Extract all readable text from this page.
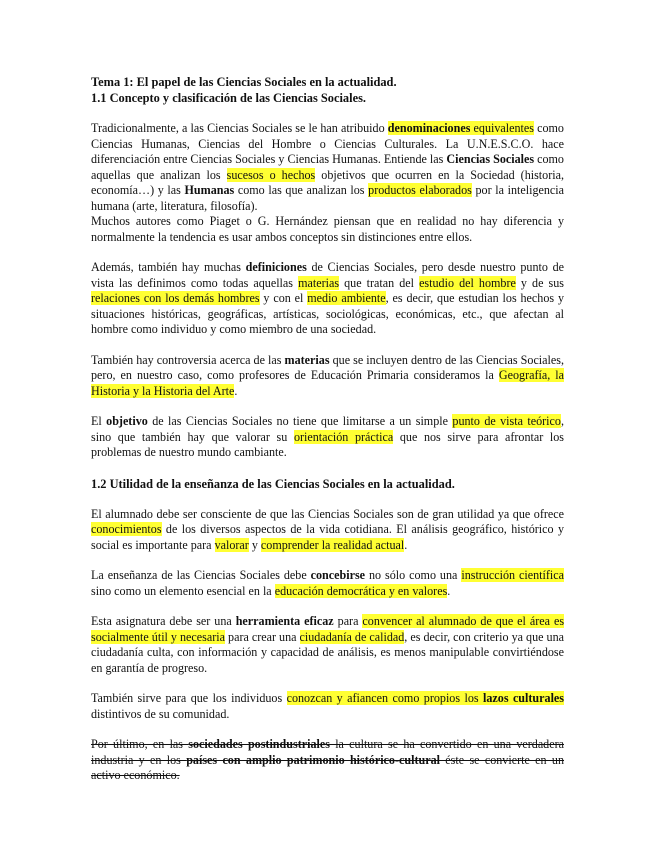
Tema 1: El papel de las Ciencias Sociales en la actualidad.
1.1 Concepto y clasificación de las Ciencias Sociales.

Tradicionalmente, a las Ciencias Sociales se le han atribuido denominaciones equivalentes como Ciencias Humanas, Ciencias del Hombre o Ciencias Culturales. La U.N.E.S.C.O. hace diferenciación entre Ciencias Sociales y Ciencias Humanas. Entiende las Ciencias Sociales como aquellas que analizan los sucesos o hechos objetivos que ocurren en la Sociedad (historia, economía…) y las Humanas como las que analizan los productos elaborados por la inteligencia humana (arte, literatura, filosofía).

Muchos autores como Piaget o G. Hernández piensan que en realidad no hay diferencia y normalmente la tendencia es usar ambos conceptos sin distinciones entre ellos.

Además, también hay muchas definiciones de Ciencias Sociales, pero desde nuestro punto de vista las definimos como todas aquellas materias que tratan del estudio del hombre y de sus relaciones con los demás hombres y con el medio ambiente, es decir, que estudian los hechos y situaciones históricas, geográficas, artísticas, sociológicas, económicas, etc., que afectan al hombre como individuo y como miembro de una sociedad.

También hay controversia acerca de las materias que se incluyen dentro de las Ciencias Sociales, pero, en nuestro caso, como profesores de Educación Primaria consideramos la Geografía, la Historia y la Historia del Arte.

El objetivo de las Ciencias Sociales no tiene que limitarse a un simple punto de vista teórico, sino que también hay que valorar su orientación práctica que nos sirve para afrontar los problemas de nuestro mundo cambiante.

1.2 Utilidad de la enseñanza de las Ciencias Sociales en la actualidad.

El alumnado debe ser consciente de que las Ciencias Sociales son de gran utilidad ya que ofrece conocimientos de los diversos aspectos de la vida cotidiana. El análisis geográfico, histórico y social es importante para valorar y comprender la realidad actual.

La enseñanza de las Ciencias Sociales debe concebirse no sólo como una instrucción científica sino como un elemento esencial en la educación democrática y en valores.

Esta asignatura debe ser una herramienta eficaz para convencer al alumnado de que el área es socialmente útil y necesaria para crear una ciudadanía de calidad, es decir, con criterio ya que una ciudadanía culta, con información y capacidad de análisis, es menos manipulable convirtiéndose en garantía de progreso.

También sirve para que los individuos conozcan y afiancen como propios los lazos culturales distintivos de su comunidad.

Por último, en las sociedades postindustriales la cultura se ha convertido en una verdadera industria y en los países con amplio patrimonio histórico-cultural éste se convierte en un activo económico.
